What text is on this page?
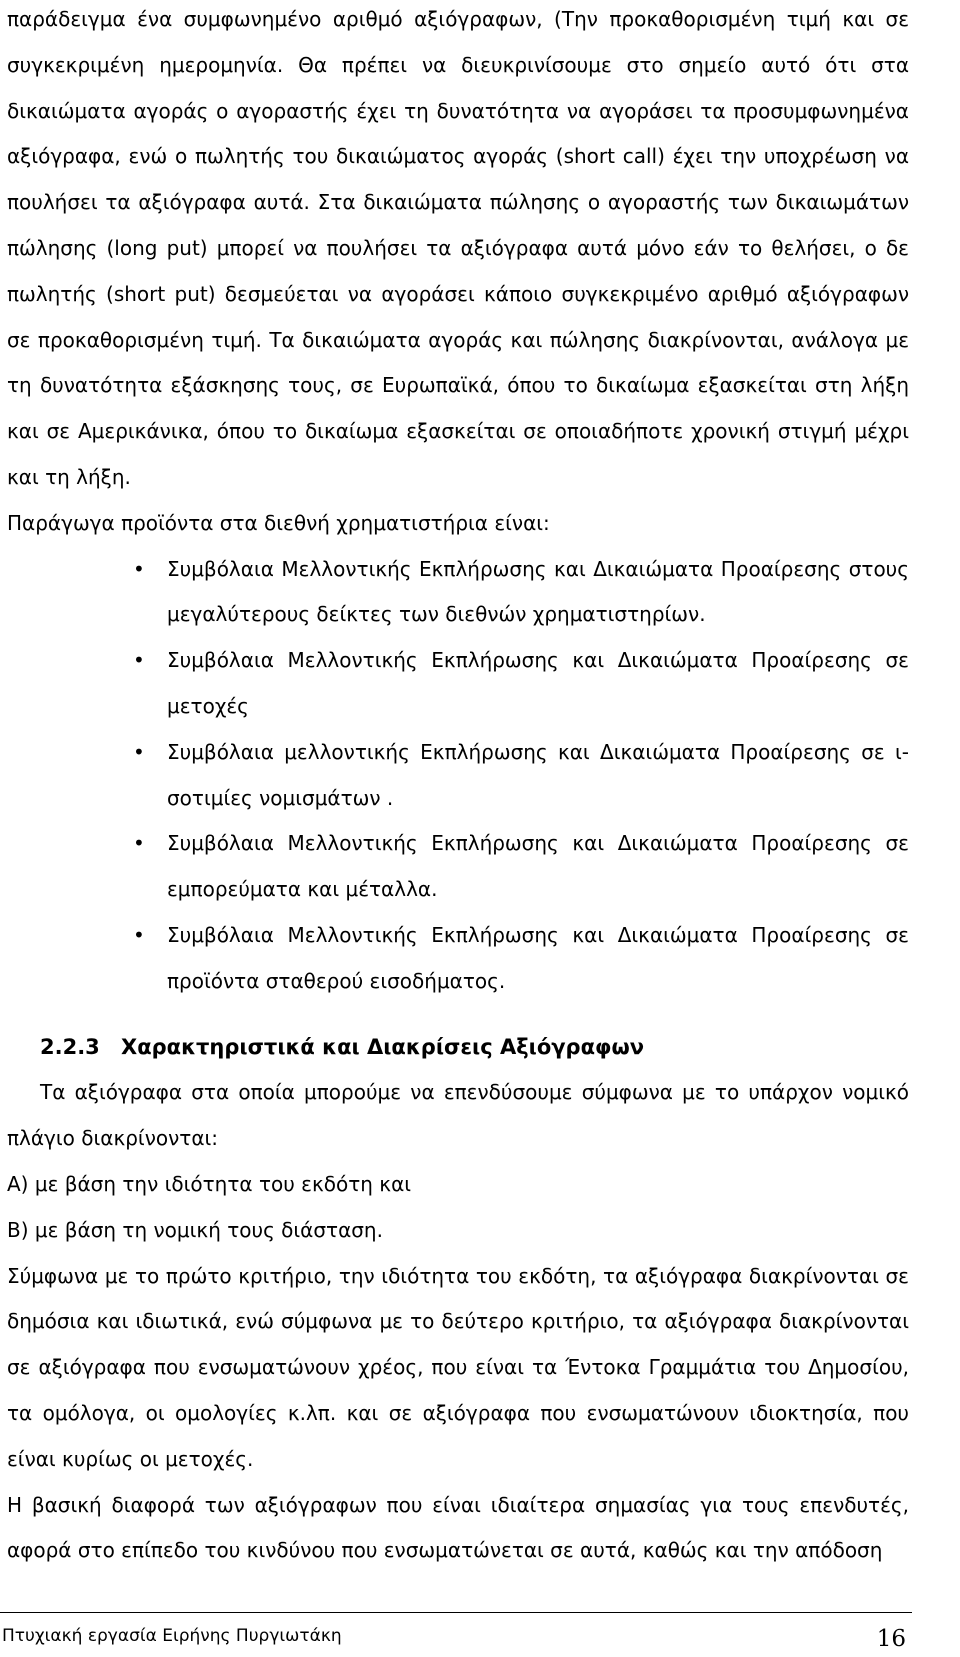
παράδειγμα ένα συμφωνημένο αριθμό αξιόγραφων, (Την προκαθορισμένη τιμή και σε συγκεκριμένη ημερομηνία. Θα πρέπει να διευκρινίσουμε στο σημείο αυτό ότι στα δικαιώματα αγοράς ο αγοραστής έχει τη δυνατότητα να αγοράσει τα προσυμφωνημένα αξιόγραφα, ενώ ο πωλητής του δικαιώματος αγοράς (short call) έχει την υποχρέωση να πουλήσει τα αξιόγραφα αυτά. Στα δικαιώματα πώλησης ο αγοραστής των δικαιωμάτων πώλησης (long put) μπορεί να πουλήσει τα αξιόγραφα αυτά μόνο εάν το θελήσει, ο δε πωλητής (short put) δεσμεύεται να αγοράσει κάποιο συγκεκριμένο αριθμό αξιόγραφων σε προκαθορισμένη τιμή. Τα δικαιώματα αγοράς και πώλησης διακρίνονται, ανάλογα με τη δυνατότητα εξάσκησης τους, σε Ευρωπαϊκά, όπου το δικαίωμα εξασκείται στη λήξη και σε Αμερικάνικα, όπου το δικαίωμα εξασκείται σε οποιαδήποτε χρονική στιγμή μέχρι και τη λήξη.

Παράγωγα προϊόντα στα διεθνή χρηματιστήρια είναι:

• Συμβόλαια Μελλοντικής Εκπλήρωσης και Δικαιώματα Προαίρεσης στους μεγαλύτερους δείκτες των διεθνών χρηματιστηρίων.
• Συμβόλαια Μελλοντικής Εκπλήρωσης και Δικαιώματα Προαίρεσης σε μετοχές
• Συμβόλαια μελλοντικής Εκπλήρωσης και Δικαιώματα Προαίρεσης σε ι-σοτιμίες νομισμάτων .
• Συμβόλαια Μελλοντικής Εκπλήρωσης και Δικαιώματα Προαίρεσης σε εμπορεύματα και μέταλλα.
• Συμβόλαια Μελλοντικής Εκπλήρωσης και Δικαιώματα Προαίρεσης σε προϊόντα σταθερού εισοδήματος.
2.2.3 Χαρακτηριστικά και Διακρίσεις Αξιόγραφων

Τα αξιόγραφα στα οποία μπορούμε να επενδύσουμε σύμφωνα με το υπάρχον νομικό πλάγιο διακρίνονται:

Α) με βάση την ιδιότητα του εκδότη και

Β) με βάση τη νομική τους διάσταση.

Σύμφωνα με το πρώτο κριτήριο, την ιδιότητα του εκδότη, τα αξιόγραφα διακρίνονται σε δημόσια και ιδιωτικά, ενώ σύμφωνα με το δεύτερο κριτήριο, τα αξιόγραφα διακρίνονται σε αξιόγραφα που ενσωματώνουν χρέος, που είναι τα Έντοκα Γραμμάτια του Δημοσίου, τα ομόλογα, οι ομολογίες κ.λπ. και σε αξιόγραφα που ενσωματώνουν ιδιοκτησία, που είναι κυρίως οι μετοχές.

Η βασική διαφορά των αξιόγραφων που είναι ιδιαίτερα σημασίας για τους επενδυτές, αφορά στο επίπεδο του κινδύνου που ενσωματώνεται σε αυτά, καθώς και την απόδοση

Πτυχιακή εργασία Ειρήνης Πυργιωτάκη	16
